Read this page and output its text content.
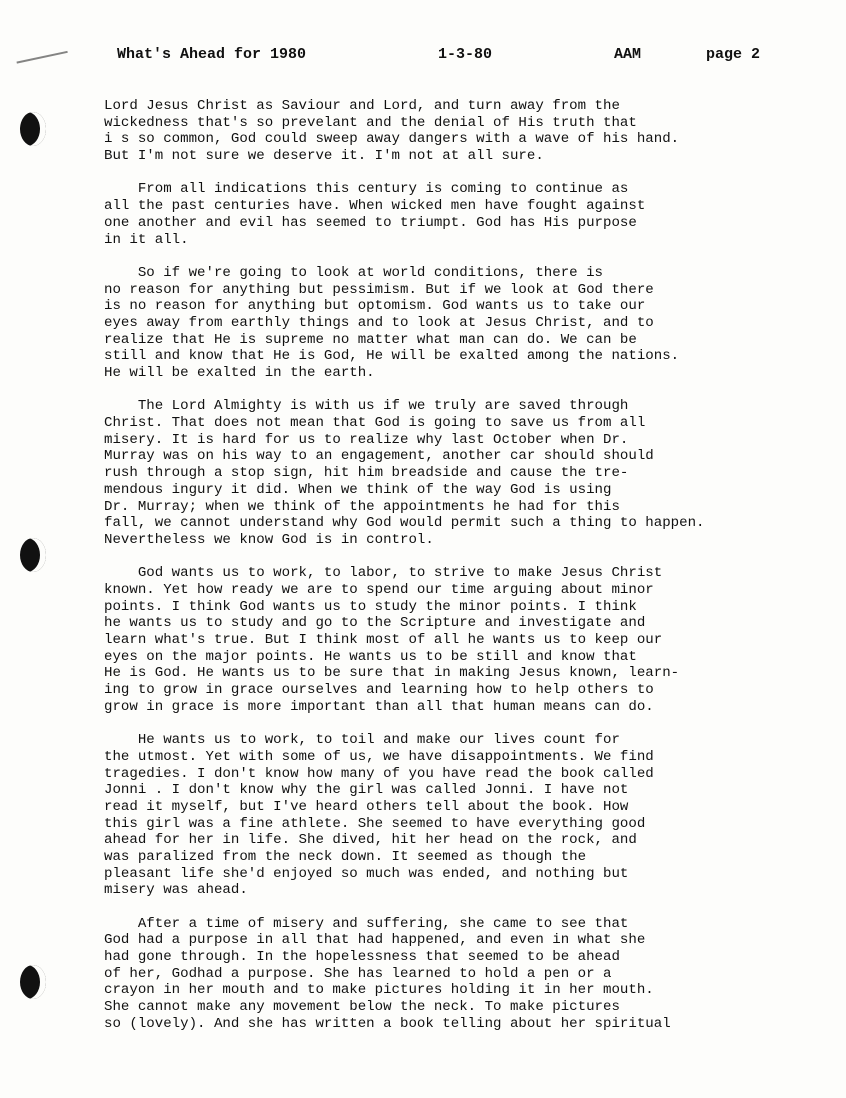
What's Ahead for 1980	1-3-80	AAM	page 2
Lord Jesus Christ as Saviour and Lord, and turn away from the
wickedness that's so prevelant and the denial of His truth that
i s so common, God could sweep away dangers with a wave of his hand.
But I'm not sure we deserve it. I'm not at all sure.
From all indications this century is coming to continue as
all the past centuries have. When wicked men have fought against
one another and evil has seemed to triumpt. God has His purpose
in it all.
So if we're going to look at world conditions, there is
no reason for anything but pessimism. But if we look at God there
is no reason for anything but optomism. God wants us to take our
eyes away from earthly things and to look at Jesus Christ, and to
realize that He is supreme no matter what man can do. We can be
still and know that He is God, He will be exalted among the nations.
He will be exalted in the earth.
The Lord Almighty is with us if we truly are saved through
Christ. That does not mean that God is going to save us from all
misery. It is hard for us to realize why last October when Dr.
Murray was on his way to an engagement, another car should should
rush through a stop sign, hit him breadside and cause the tre-
mendous ingury it did. When we think of the way God is using
Dr. Murray; when we think of the appointments he had for this
fall, we cannot understand why God would permit such a thing to happen.
Nevertheless we know God is in control.
God wants us to work, to labor, to strive to make Jesus Christ
known. Yet how ready we are to spend our time arguing about minor
points. I think God wants us to study the minor points. I think
he wants us to study and go to the Scripture and investigate and
learn what's true. But I think most of all he wants us to keep our
eyes on the major points. He wants us to be still and know that
He is God. He wants us to be sure that in making Jesus known, learn-
ing to grow in grace ourselves and learning how to help others to
grow in grace is more important than all that human means can do.
He wants us to work, to toil and make our lives count for
the utmost. Yet with some of us, we have disappointments. We find
tragedies. I don't know how many of you have read the book called
Jonni . I don't know why the girl was called Jonni. I have not
read it myself, but I've heard others tell about the book. How
this girl was a fine athlete. She seemed to have everything good
ahead for her in life. She dived, hit her head on the rock, and
was paralized from the neck down. It seemed as though the
pleasant life she'd enjoyed so much was ended, and nothing but
misery was ahead.
After a time of misery and suffering, she came to see that
God had a purpose in all that had happened, and even in what she
had gone through. In the hopelessness that seemed to be ahead
of her, Godhad a purpose. She has learned to hold a pen or a
crayon in her mouth and to make pictures holding it in her mouth.
She cannot make any movement below the neck. To make pictures
so (lovely). And she has written a book telling about her spiritual
